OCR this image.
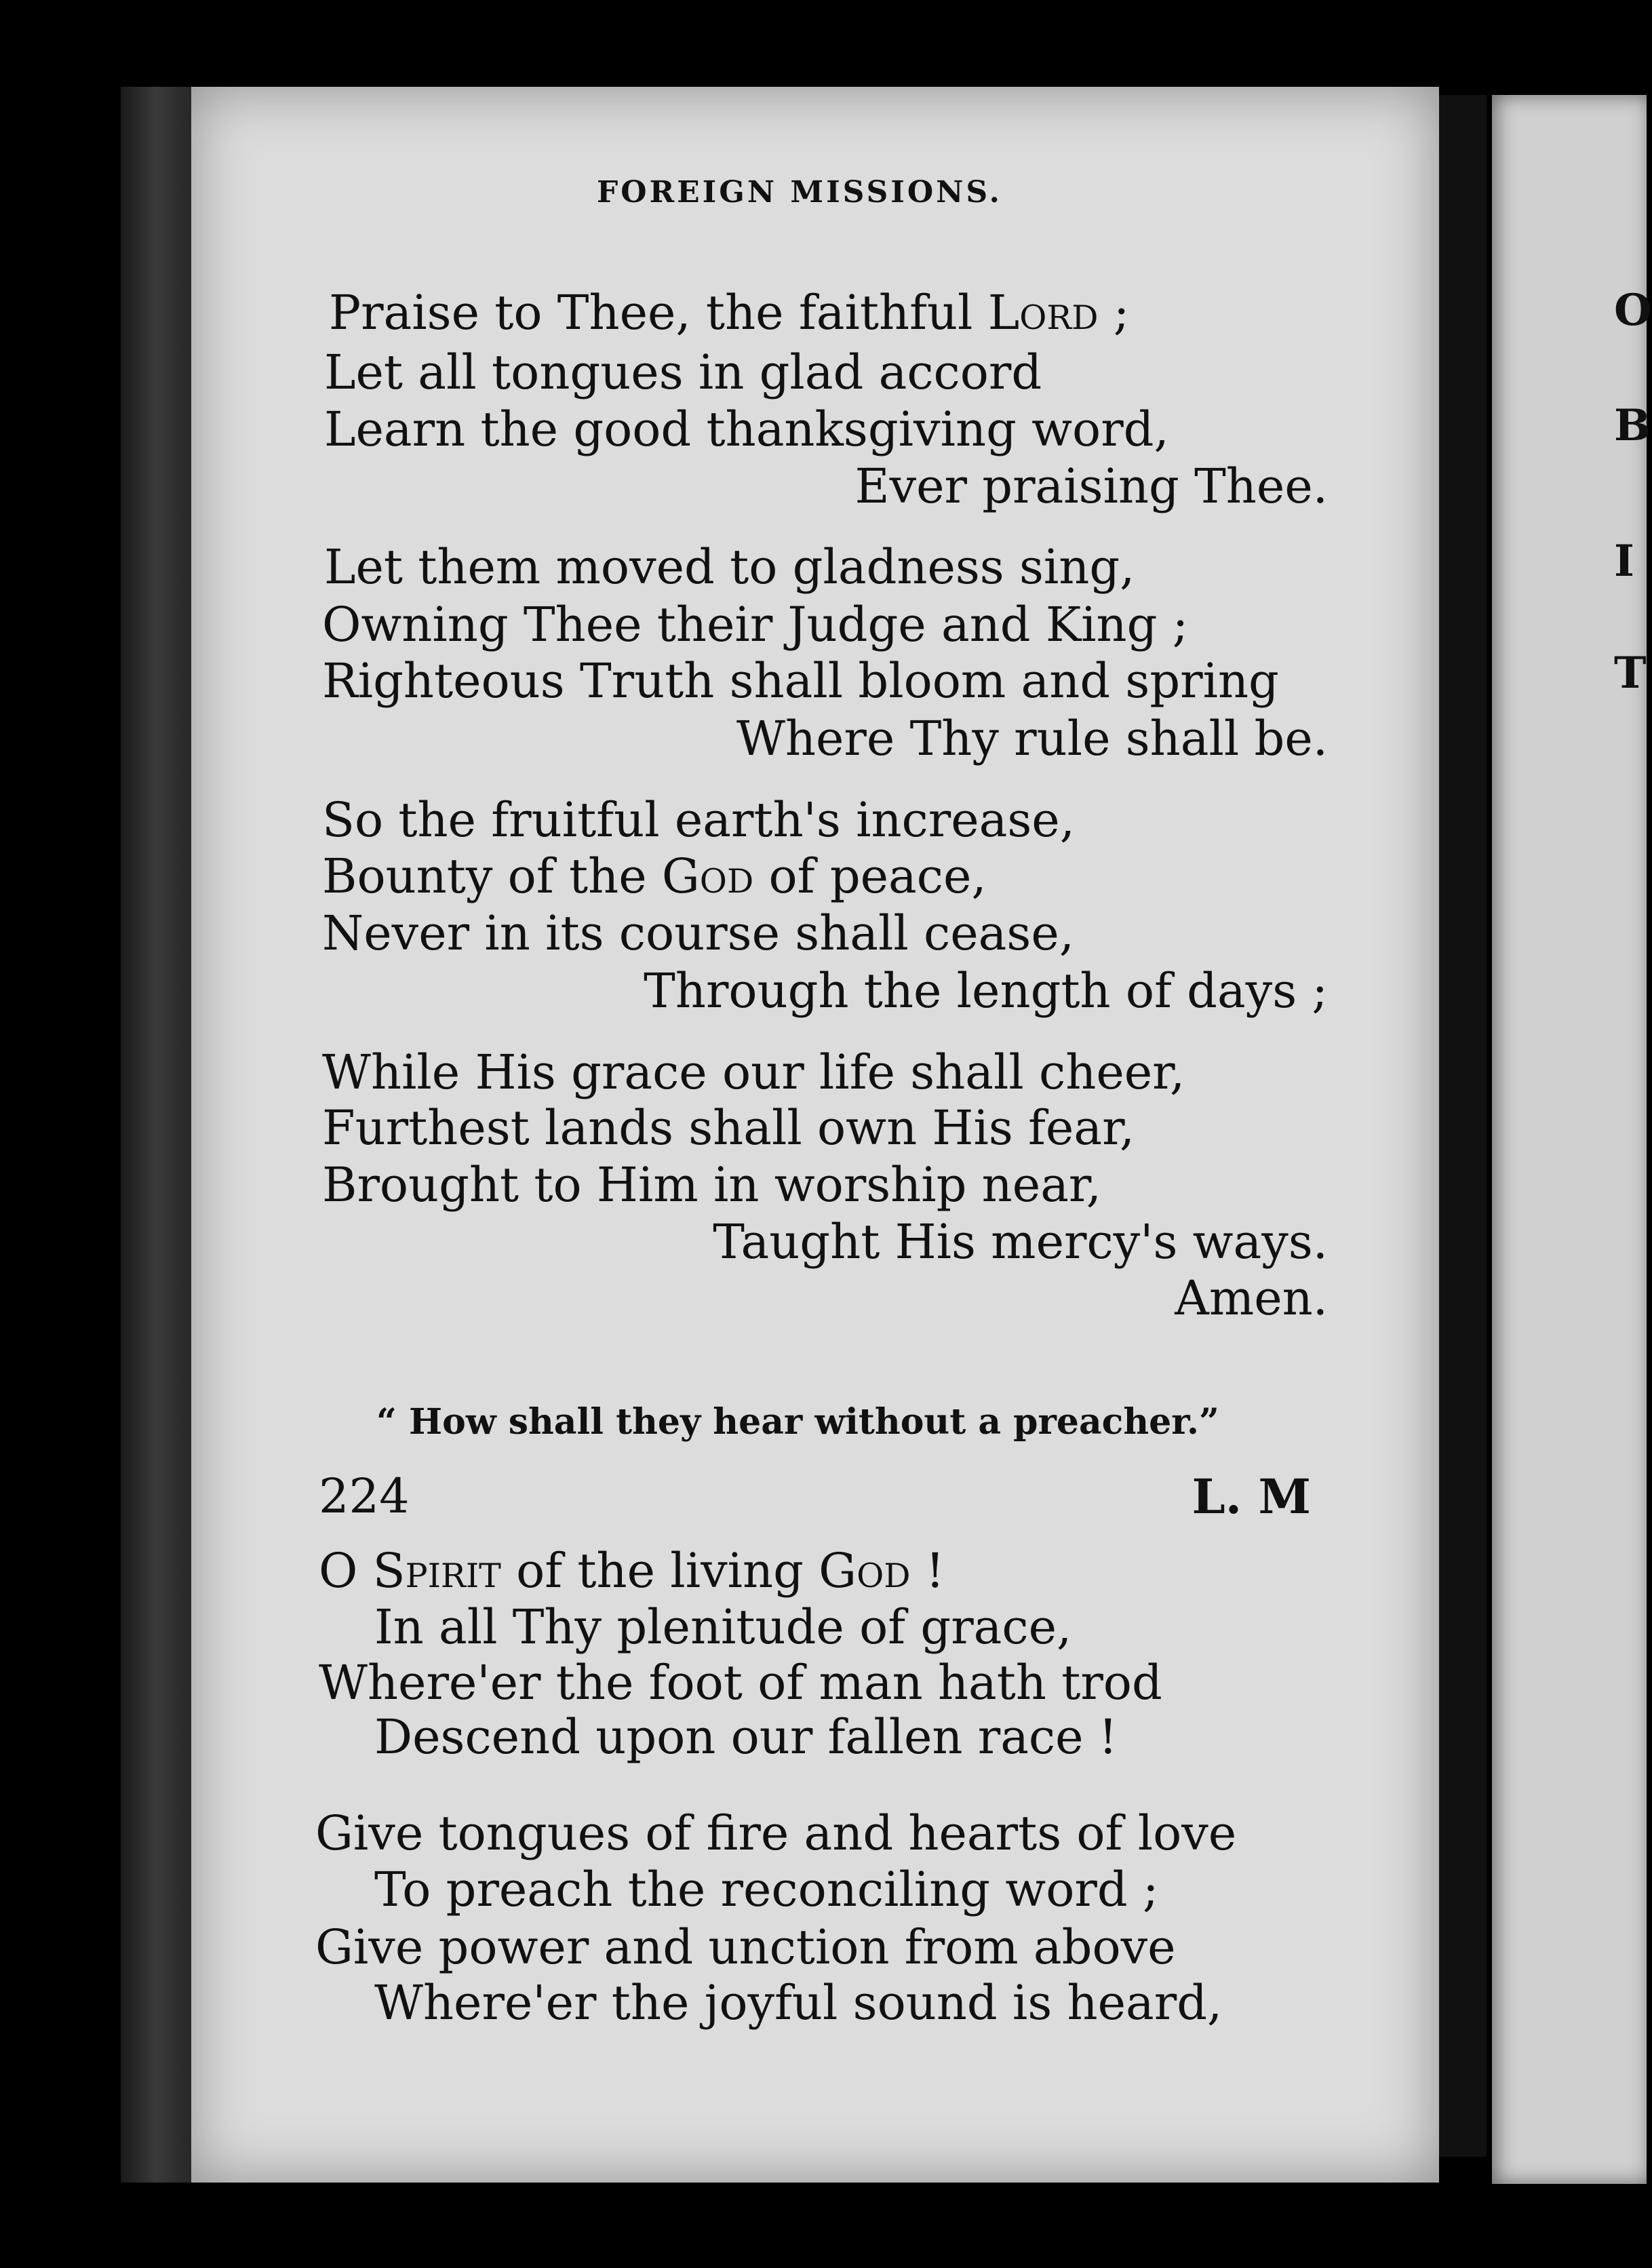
O
B
I
T
FOREIGN MISSIONS.
Praise to Thee, the faithful Lord ;
Let all tongues in glad accord
Learn the good thanksgiving word,
Ever praising Thee.
Let them moved to gladness sing,
Owning Thee their Judge and King ;
Righteous Truth shall bloom and spring
Where Thy rule shall be.
So the fruitful earth's increase,
Bounty of the God of peace,
Never in its course shall cease,
Through the length of days ;
While His grace our life shall cheer,
Furthest lands shall own His fear,
Brought to Him in worship near,
Taught His mercy's ways.
Amen.
“ How shall they hear without a preacher.”
224	L. M
O Spirit of the living God !
In all Thy plenitude of grace,
Where'er the foot of man hath trod
Descend upon our fallen race !
Give tongues of fire and hearts of love
To preach the reconciling word ;
Give power and unction from above
Where'er the joyful sound is heard,
